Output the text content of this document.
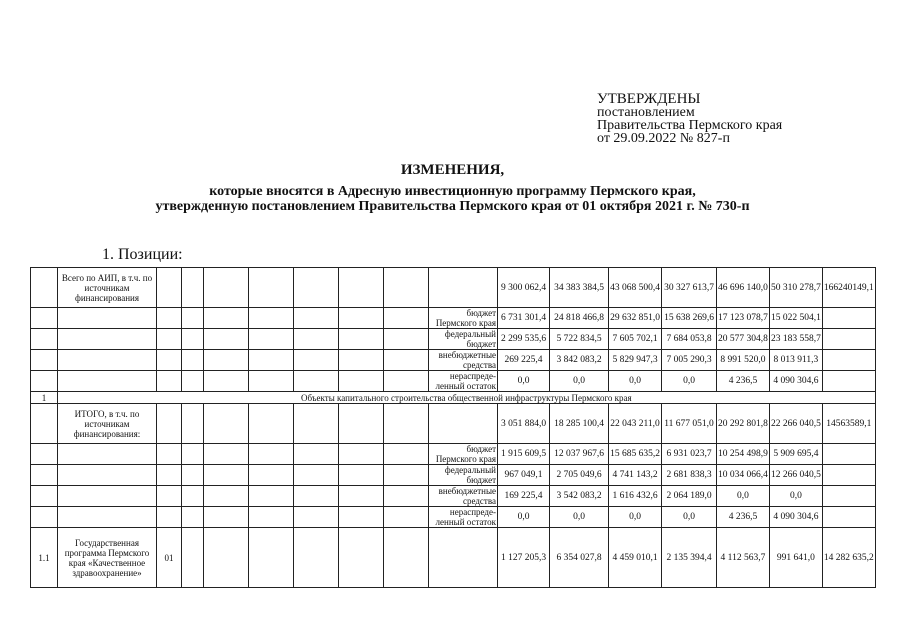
УТВЕРЖДЕНЫ
постановлением
Правительства Пермского края
от 29.09.2022 № 827-п
ИЗМЕНЕНИЯ,
которые вносятся в Адресную инвестиционную программу Пермского края,
утвержденную постановлением Правительства Пермского края от 01 октября 2021 г. № 730-п
1. Позиции:
	Всего по АИП, в т.ч. по источникам финансирования									9 300 062,4	34 383 384,5	43 068 500,4	30 327 613,7	46 696 140,0	50 310 278,7	166240149,1
									бюджет Пермского края	6 731 301,4	24 818 466,8	29 632 851,0	15 638 269,6	17 123 078,7	15 022 504,1	
									федеральный бюджет	2 299 535,6	5 722 834,5	7 605 702,1	7 684 053,8	20 577 304,8	23 183 558,7	
									внебюджетные средства	269 225,4	3 842 083,2	5 829 947,3	7 005 290,3	8 991 520,0	8 013 911,3	
									нераспреде-ленный остаток	0,0	0,0	0,0	0,0	4 236,5	4 090 304,6	
1	Объекты капитального строительства общественной инфраструктуры Пермского края															
	ИТОГО, в т.ч. по источникам финансирования:									3 051 884,0	18 285 100,4	22 043 211,0	11 677 051,0	20 292 801,8	22 266 040,5	14563589,1
									бюджет Пермского края	1 915 609,5	12 037 967,6	15 685 635,2	6 931 023,7	10 254 498,9	5 909 695,4	
									федеральный бюджет	967 049,1	2 705 049,6	4 741 143,2	2 681 838,3	10 034 066,4	12 266 040,5	
									внебюджетные средства	169 225,4	3 542 083,2	1 616 432,6	2 064 189,0	0,0	0,0	
									нераспреде-ленный остаток	0,0	0,0	0,0	0,0	4 236,5	4 090 304,6	
1.1	Государственная программа Пермского края «Качественное здравоохранение»	01								1 127 205,3	6 354 027,8	4 459 010,1	2 135 394,4	4 112 563,7	991 641,0	14 282 635,2
